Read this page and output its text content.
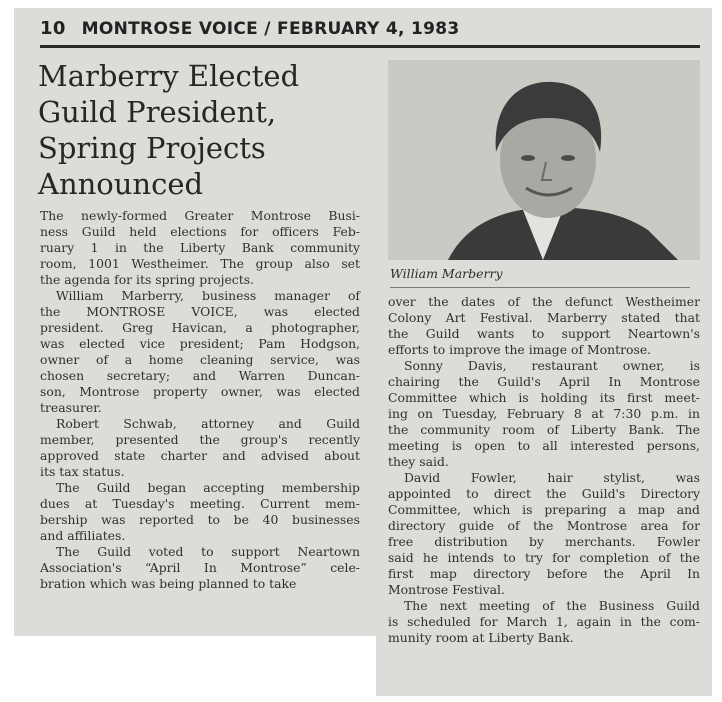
10 MONTROSE VOICE / FEBRUARY 4, 1983
Marberry Elected
Guild President,
Spring Projects
Announced

The newly-formed Greater Montrose Busi-
ness Guild held elections for officers Feb-
ruary 1 in the Liberty Bank community
room, 1001 Westheimer. The group also set
the agenda for its spring projects.

William Marberry, business manager of
the MONTROSE VOICE, was elected
president. Greg Havican, a photographer,
was elected vice president; Pam Hodgson,
owner of a home cleaning service, was
chosen secretary; and Warren Duncan-
son, Montrose property owner, was elected
treasurer.

Robert Schwab, attorney and Guild
member, presented the group's recently
approved state charter and advised about
its tax status.

The Guild began accepting membership
dues at Tuesday's meeting. Current mem-
bership was reported to be 40 businesses
and affiliates.

The Guild voted to support Neartown
Association's “April In Montrose” cele-
bration which was being planned to take

William Marberry

over the dates of the defunct Westheimer
Colony Art Festival. Marberry stated that
the Guild wants to support Neartown's
efforts to improve the image of Montrose.

Sonny Davis, restaurant owner, is
chairing the Guild's April In Montrose
Committee which is holding its first meet-
ing on Tuesday, February 8 at 7:30 p.m. in
the community room of Liberty Bank. The
meeting is open to all interested persons,
they said.

David Fowler, hair stylist, was
appointed to direct the Guild's Directory
Committee, which is preparing a map and
directory guide of the Montrose area for
free distribution by merchants. Fowler
said he intends to try for completion of the
first map directory before the April In
Montrose Festival.

The next meeting of the Business Guild
is scheduled for March 1, again in the com-
munity room at Liberty Bank.
